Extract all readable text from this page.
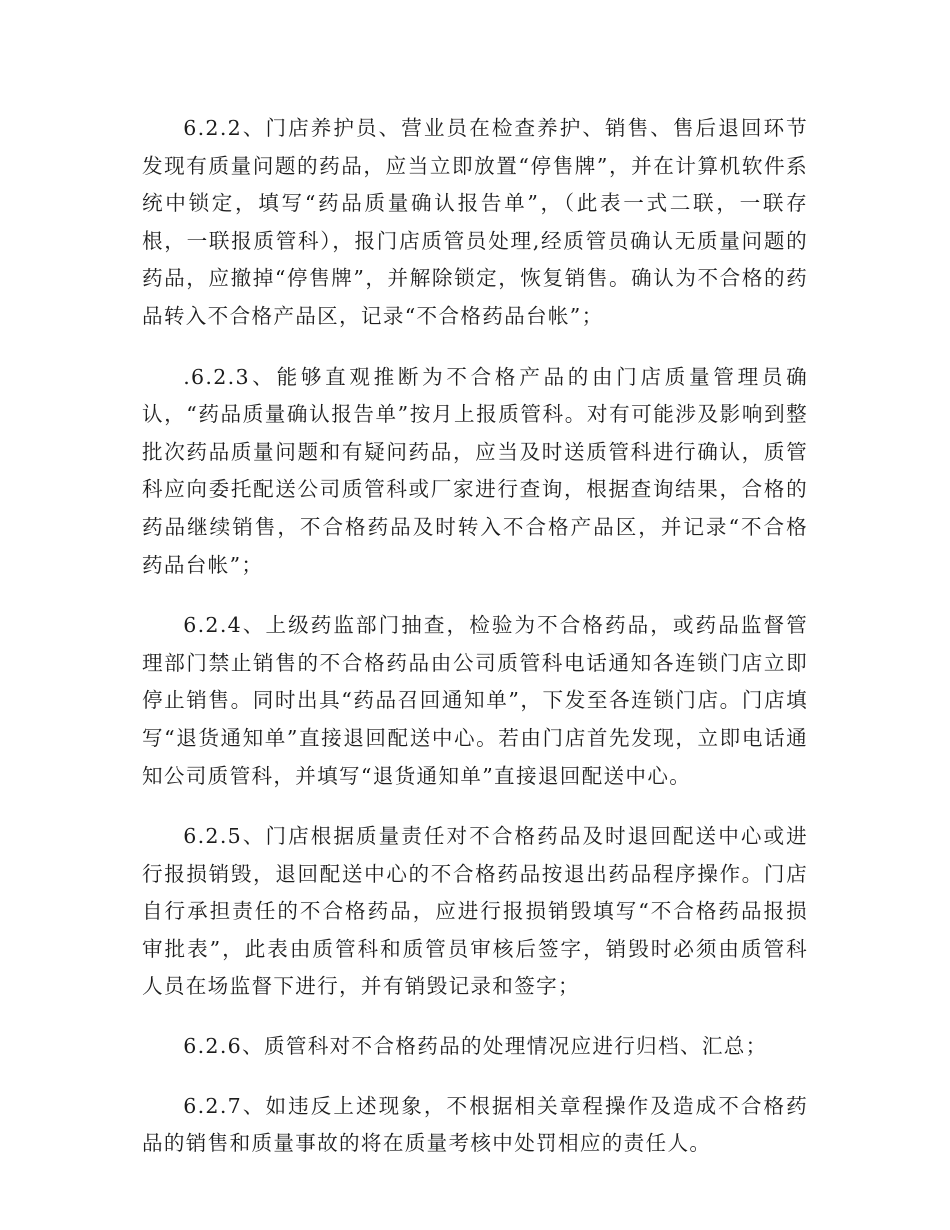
6.2.2、门店养护员、营业员在检查养护、销售、售后退回环节发现有质量问题的药品，应当立即放置“停售牌”，并在计算机软件系统中锁定，填写“药品质量确认报告单”，（此表一式二联，一联存根，一联报质管科），报门店质管员处理,经质管员确认无质量问题的药品，应撤掉“停售牌”，并解除锁定，恢复销售。确认为不合格的药品转入不合格产品区，记录“不合格药品台帐”；

.6.2.3、能够直观推断为不合格产品的由门店质量管理员确认，“药品质量确认报告单”按月上报质管科。对有可能涉及影响到整批次药品质量问题和有疑问药品，应当及时送质管科进行确认，质管科应向委托配送公司质管科或厂家进行查询，根据查询结果，合格的药品继续销售，不合格药品及时转入不合格产品区，并记录“不合格药品台帐”；

6.2.4、上级药监部门抽查，检验为不合格药品，或药品监督管理部门禁止销售的不合格药品由公司质管科电话通知各连锁门店立即停止销售。同时出具“药品召回通知单”，下发至各连锁门店。门店填写“退货通知单”直接退回配送中心。若由门店首先发现，立即电话通知公司质管科，并填写“退货通知单”直接退回配送中心。

6.2.5、门店根据质量责任对不合格药品及时退回配送中心或进行报损销毁，退回配送中心的不合格药品按退出药品程序操作。门店自行承担责任的不合格药品，应进行报损销毁填写“不合格药品报损审批表”，此表由质管科和质管员审核后签字，销毁时必须由质管科人员在场监督下进行，并有销毁记录和签字；

6.2.6、质管科对不合格药品的处理情况应进行归档、汇总；

6.2.7、如违反上述现象，不根据相关章程操作及造成不合格药品的销售和质量事故的将在质量考核中处罚相应的责任人。
